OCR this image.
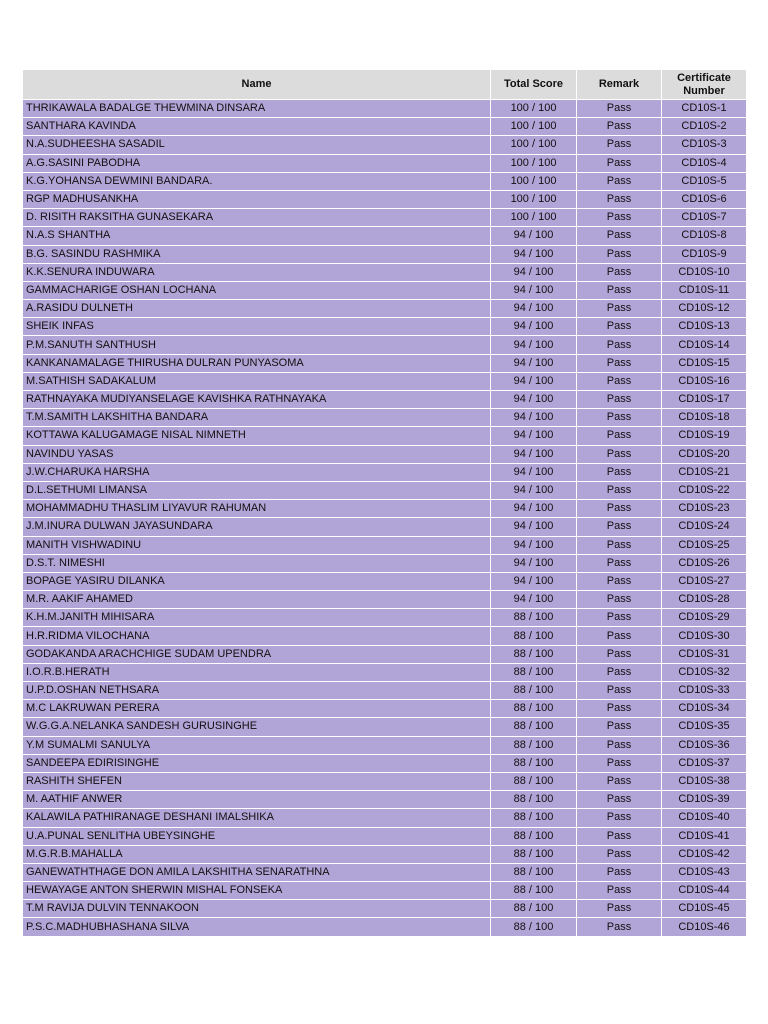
Name	Total Score	Remark	Certificate
Number
THRIKAWALA BADALGE THEWMINA DINSARA	100 / 100	Pass	CD10S-1
SANTHARA KAVINDA	100 / 100	Pass	CD10S-2
N.A.SUDHEESHA SASADIL	100 / 100	Pass	CD10S-3
A.G.SASINI PABODHA	100 / 100	Pass	CD10S-4
K.G.YOHANSA DEWMINI BANDARA.	100 / 100	Pass	CD10S-5
RGP MADHUSANKHA	100 / 100	Pass	CD10S-6
D. RISITH RAKSITHA GUNASEKARA	100 / 100	Pass	CD10S-7
N.A.S SHANTHA	94 / 100	Pass	CD10S-8
B.G. SASINDU RASHMIKA	94 / 100	Pass	CD10S-9
K.K.SENURA INDUWARA	94 / 100	Pass	CD10S-10
GAMMACHARIGE OSHAN LOCHANA	94 / 100	Pass	CD10S-11
A.RASIDU DULNETH	94 / 100	Pass	CD10S-12
SHEIK INFAS	94 / 100	Pass	CD10S-13
P.M.SANUTH SANTHUSH	94 / 100	Pass	CD10S-14
KANKANAMALAGE THIRUSHA DULRAN PUNYASOMA	94 / 100	Pass	CD10S-15
M.SATHISH SADAKALUM	94 / 100	Pass	CD10S-16
RATHNAYAKA MUDIYANSELAGE KAVISHKA RATHNAYAKA	94 / 100	Pass	CD10S-17
T.M.SAMITH LAKSHITHA BANDARA	94 / 100	Pass	CD10S-18
KOTTAWA KALUGAMAGE NISAL NIMNETH	94 / 100	Pass	CD10S-19
NAVINDU YASAS	94 / 100	Pass	CD10S-20
J.W.CHARUKA HARSHA	94 / 100	Pass	CD10S-21
D.L.SETHUMI LIMANSA	94 / 100	Pass	CD10S-22
MOHAMMADHU THASLIM LIYAVUR RAHUMAN	94 / 100	Pass	CD10S-23
J.M.INURA DULWAN JAYASUNDARA	94 / 100	Pass	CD10S-24
MANITH VISHWADINU	94 / 100	Pass	CD10S-25
D.S.T. NIMESHI	94 / 100	Pass	CD10S-26
BOPAGE YASIRU DILANKA	94 / 100	Pass	CD10S-27
M.R. AAKIF AHAMED	94 / 100	Pass	CD10S-28
K.H.M.JANITH MIHISARA	88 / 100	Pass	CD10S-29
H.R.RIDMA VILOCHANA	88 / 100	Pass	CD10S-30
GODAKANDA ARACHCHIGE SUDAM UPENDRA	88 / 100	Pass	CD10S-31
I.O.R.B.HERATH	88 / 100	Pass	CD10S-32
U.P.D.OSHAN NETHSARA	88 / 100	Pass	CD10S-33
M.C LAKRUWAN PERERA	88 / 100	Pass	CD10S-34
W.G.G.A.NELANKA SANDESH GURUSINGHE	88 / 100	Pass	CD10S-35
Y.M SUMALMI SANULYA	88 / 100	Pass	CD10S-36
SANDEEPA EDIRISINGHE	88 / 100	Pass	CD10S-37
RASHITH SHEFEN	88 / 100	Pass	CD10S-38
M. AATHIF ANWER	88 / 100	Pass	CD10S-39
KALAWILA PATHIRANAGE DESHANI IMALSHIKA	88 / 100	Pass	CD10S-40
U.A.PUNAL SENLITHA UBEYSINGHE	88 / 100	Pass	CD10S-41
M.G.R.B.MAHALLA	88 / 100	Pass	CD10S-42
GANEWATHTHAGE DON AMILA LAKSHITHA SENARATHNA	88 / 100	Pass	CD10S-43
HEWAYAGE ANTON SHERWIN MISHAL FONSEKA	88 / 100	Pass	CD10S-44
T.M RAVIJA DULVIN TENNAKOON	88 / 100	Pass	CD10S-45
P.S.C.MADHUBHASHANA SILVA	88 / 100	Pass	CD10S-46
